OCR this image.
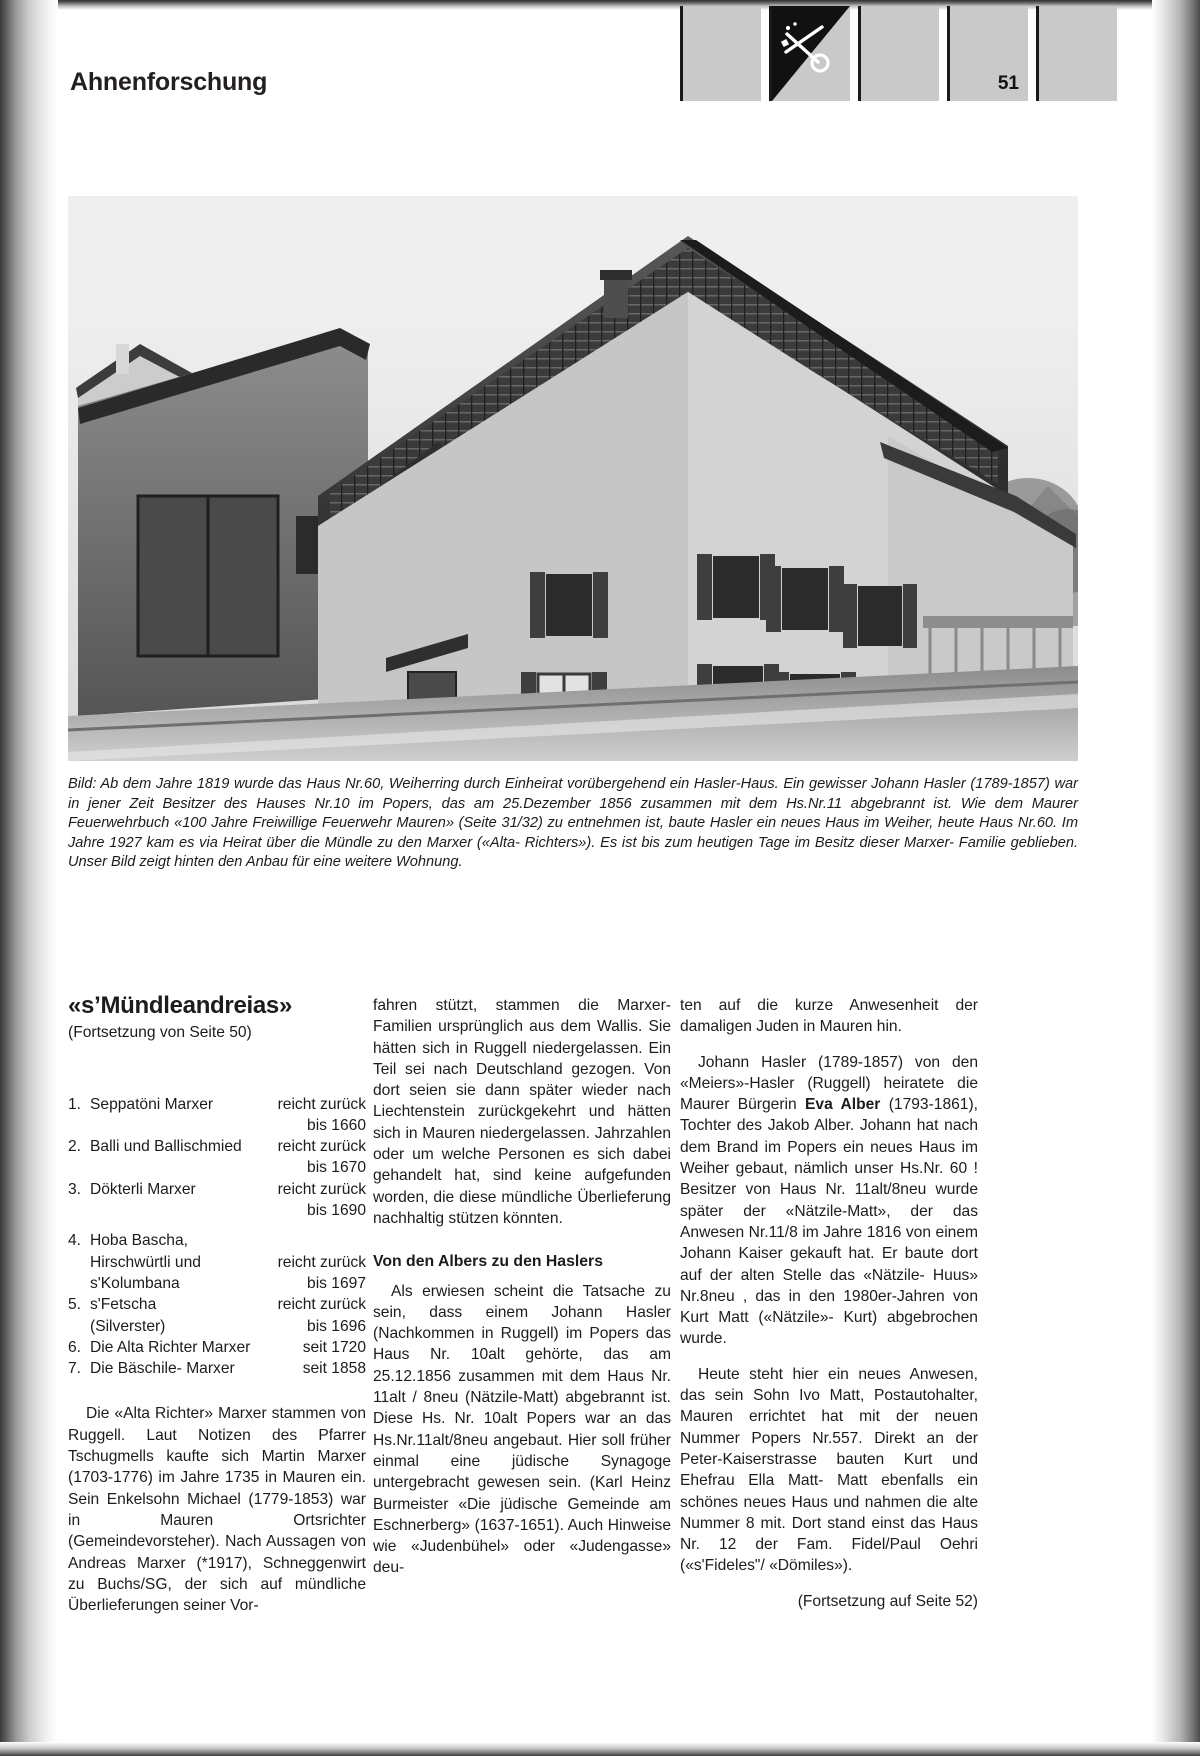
Ahnenforschung	51
Bild: Ab dem Jahre 1819 wurde das Haus Nr.60, Weiherring durch Einheirat vorübergehend ein Hasler-Haus. Ein gewisser Johann Hasler (1789-1857) war in jener Zeit Besitzer des Hauses Nr.10 im Popers, das am 25.Dezember 1856 zusammen mit dem Hs.Nr.11 abgebrannt ist. Wie dem Maurer Feuerwehrbuch «100 Jahre Freiwillige Feuerwehr Mauren» (Seite 31/32) zu entnehmen ist, baute Hasler ein neues Haus im Weiher, heute Haus Nr.60. Im Jahre 1927 kam es via Heirat über die Mündle zu den Marxer («Alta- Richters»). Es ist bis zum heutigen Tage im Besitz dieser Marxer- Familie geblieben. Unser Bild zeigt hinten den Anbau für eine weitere Wohnung.
«s’Mündleandreias»
(Fortsetzung von Seite 50)
1. Seppatöni Marxer	reicht zurück
bis 1660
2. Balli und Ballischmied	reicht zurück
bis 1670
3. Dökterli Marxer	reicht zurück
bis 1690
4. Hoba Bascha,
Hirschwürtli und	reicht zurück
s'Kolumbana	bis 1697
5. s'Fetscha	reicht zurück
(Silverster)	bis 1696
6. Die Alta Richter Marxer	seit 1720
7. Die Bäschile- Marxer	seit 1858

Die «Alta Richter» Marxer stammen von Ruggell. Laut Notizen des Pfarrer Tschugmells kaufte sich Martin Marxer (1703-1776) im Jahre 1735 in Mauren ein. Sein Enkelsohn Michael (1779-1853) war in Mauren Ortsrichter (Gemeindevorsteher). Nach Aussagen von Andreas Marxer (*1917), Schneggenwirt zu Buchs/SG, der sich auf mündliche Überlieferungen seiner Vor-

fahren stützt, stammen die Marxer-Familien ursprünglich aus dem Wallis. Sie hätten sich in Ruggell niedergelassen. Ein Teil sei nach Deutschland gezogen. Von dort seien sie dann später wieder nach Liechtenstein zurückgekehrt und hätten sich in Mauren niedergelassen. Jahrzahlen oder um welche Personen es sich dabei gehandelt hat, sind keine aufgefunden worden, die diese mündliche Überlieferung nachhaltig stützen könnten.

Von den Albers zu den Haslers

Als erwiesen scheint die Tatsache zu sein, dass einem Johann Hasler (Nachkommen in Ruggell) im Popers das Haus Nr. 10alt gehörte, das am 25.12.1856 zusammen mit dem Haus Nr. 11alt / 8neu (Nätzile-Matt) abgebrannt ist. Diese Hs. Nr. 10alt Popers war an das Hs.Nr.11alt/8neu angebaut. Hier soll früher einmal eine jüdische Synagoge untergebracht gewesen sein. (Karl Heinz Burmeister «Die jüdische Gemeinde am Eschnerberg» (1637-1651). Auch Hinweise wie «Judenbühel» oder «Judengasse» deu-

ten auf die kurze Anwesenheit der damaligen Juden in Mauren hin.

Johann Hasler (1789-1857) von den «Meiers»-Hasler (Ruggell) heiratete die Maurer Bürgerin Eva Alber (1793-1861), Tochter des Jakob Alber. Johann hat nach dem Brand im Popers ein neues Haus im Weiher gebaut, nämlich unser Hs.Nr. 60 ! Besitzer von Haus Nr. 11alt/8neu wurde später der «Nätzile-Matt», der das Anwesen Nr.11/8 im Jahre 1816 von einem Johann Kaiser gekauft hat. Er baute dort auf der alten Stelle das «Nätzile- Huus» Nr.8neu , das in den 1980er-Jahren von Kurt Matt («Nätzile»- Kurt) abgebrochen wurde.

Heute steht hier ein neues Anwesen, das sein Sohn Ivo Matt, Postautohalter, Mauren errichtet hat mit der neuen Nummer Popers Nr.557. Direkt an der Peter-Kaiserstrasse bauten Kurt und Ehefrau Ella Matt- Matt ebenfalls ein schönes neues Haus und nahmen die alte Nummer 8 mit. Dort stand einst das Haus Nr. 12 der Fam. Fidel/Paul Oehri («s'Fideles"/ «Dömiles»).

(Fortsetzung auf Seite 52)
